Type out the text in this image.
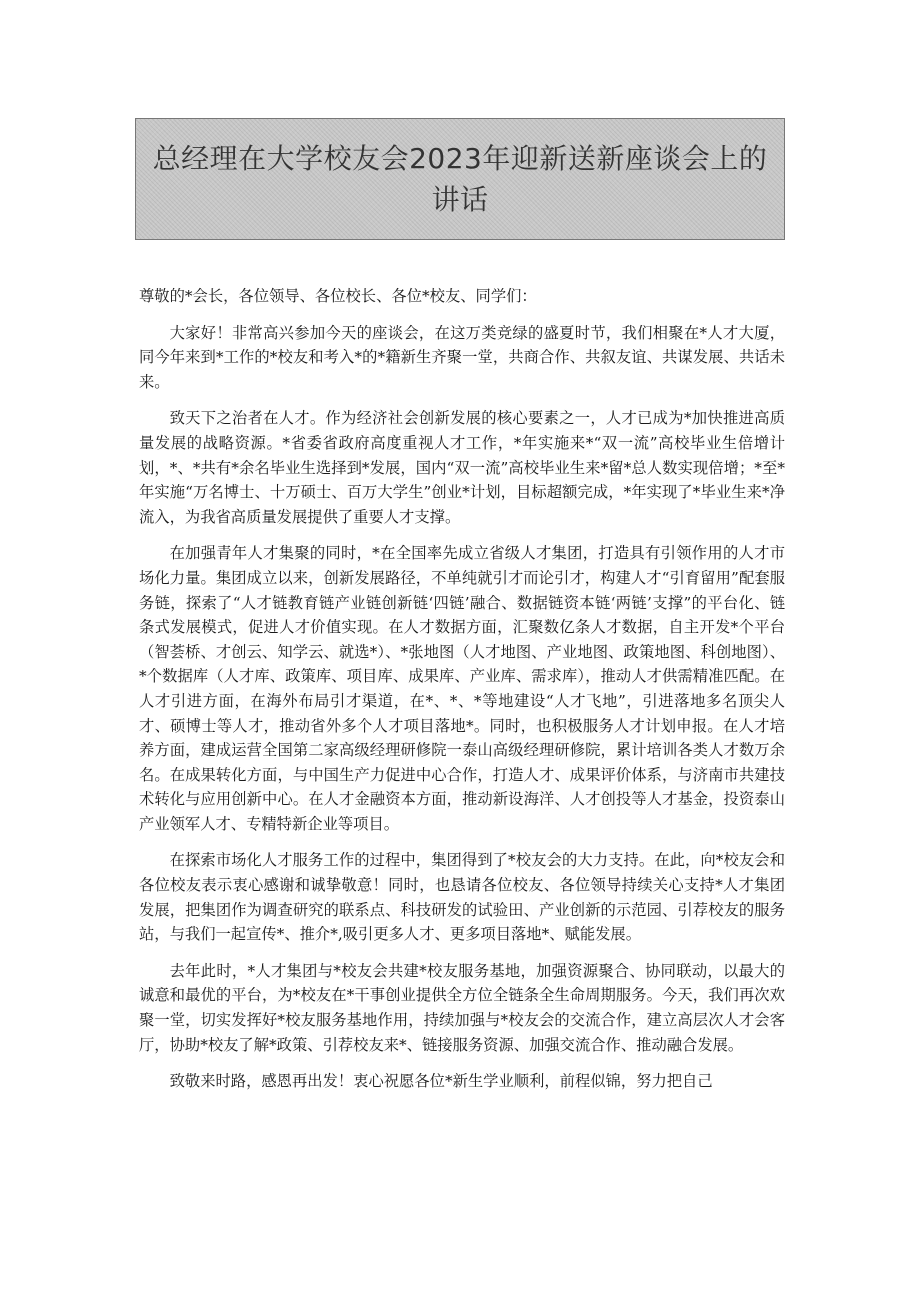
总经理在大学校友会2023年迎新送新座谈会上的讲话

尊敬的*会长，各位领导、各位校长、各位*校友、同学们：

大家好！非常高兴参加今天的座谈会，在这万类竞绿的盛夏时节，我们相聚在*人才大厦，同今年来到*工作的*校友和考入*的*籍新生齐聚一堂，共商合作、共叙友谊、共谋发展、共话未来。

致天下之治者在人才。作为经济社会创新发展的核心要素之一，人才已成为*加快推进高质量发展的战略资源。*省委省政府高度重视人才工作，*年实施来*“双一流”高校毕业生倍增计划，*、*共有*余名毕业生选择到*发展，国内“双一流”高校毕业生来*留*总人数实现倍增；*至*年实施“万名博士、十万硕士、百万大学生”创业*计划，目标超额完成，*年实现了*毕业生来*净流入，为我省高质量发展提供了重要人才支撑。

在加强青年人才集聚的同时，*在全国率先成立省级人才集团，打造具有引领作用的人才市场化力量。集团成立以来，创新发展路径，不单纯就引才而论引才，构建人才“引育留用”配套服务链，探索了“人才链教育链产业链创新链‘四链’融合、数据链资本链‘两链’支撑”的平台化、链条式发展模式，促进人才价值实现。在人才数据方面，汇聚数亿条人才数据，自主开发*个平台（智荟桥、才创云、知学云、就选*）、*张地图（人才地图、产业地图、政策地图、科创地图）、*个数据库（人才库、政策库、项目库、成果库、产业库、需求库），推动人才供需精准匹配。在人才引进方面，在海外布局引才渠道，在*、*、*等地建设“人才飞地”，引进落地多名顶尖人才、硕博士等人才，推动省外多个人才项目落地*。同时，也积极服务人才计划申报。在人才培养方面，建成运营全国第二家高级经理研修院一泰山高级经理研修院，累计培训各类人才数万余名。在成果转化方面，与中国生产力促进中心合作，打造人才、成果评价体系，与济南市共建技术转化与应用创新中心。在人才金融资本方面，推动新设海洋、人才创投等人才基金，投资泰山产业领军人才、专精特新企业等项目。

在探索市场化人才服务工作的过程中，集团得到了*校友会的大力支持。在此，向*校友会和各位校友表示衷心感谢和诚挚敬意！同时，也恳请各位校友、各位领导持续关心支持*人才集团发展，把集团作为调查研究的联系点、科技研发的试验田、产业创新的示范园、引荐校友的服务站，与我们一起宣传*、推介*,吸引更多人才、更多项目落地*、赋能发展。

去年此时，*人才集团与*校友会共建*校友服务基地，加强资源聚合、协同联动，以最大的诚意和最优的平台，为*校友在*干事创业提供全方位全链条全生命周期服务。今天，我们再次欢聚一堂，切实发挥好*校友服务基地作用，持续加强与*校友会的交流合作，建立高层次人才会客厅，协助*校友了解*政策、引荐校友来*、链接服务资源、加强交流合作、推动融合发展。

致敬来时路，感恩再出发！衷心祝愿各位*新生学业顺利，前程似锦，努力把自己
